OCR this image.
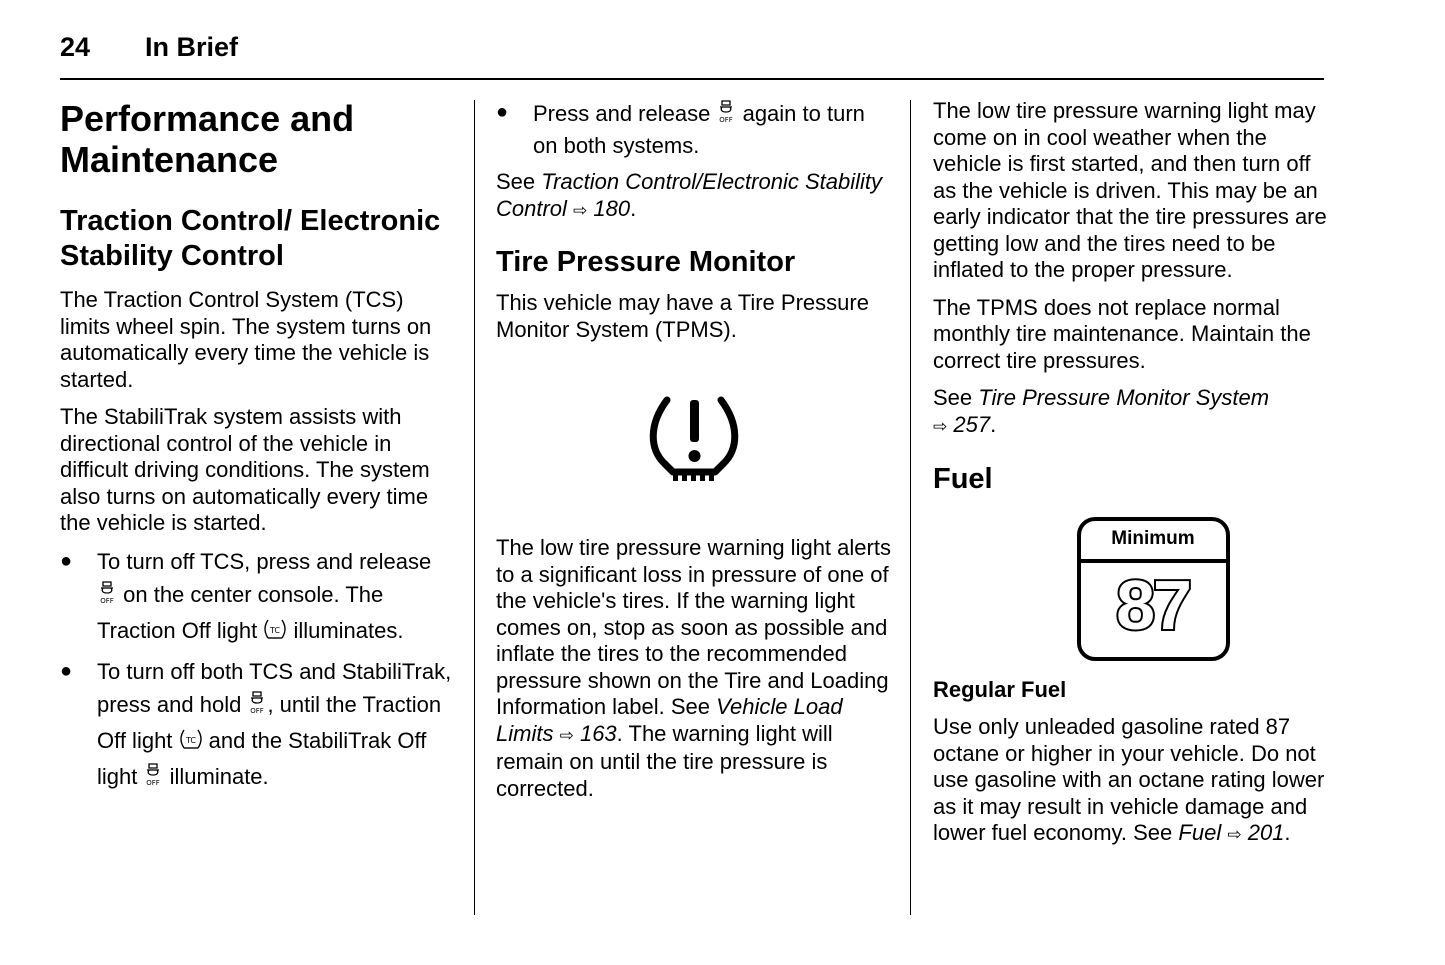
24 In Brief
Performance and Maintenance
Traction Control/ Electronic Stability Control

The Traction Control System (TCS) limits wheel spin. The system turns on automatically every time the vehicle is started.

The StabiliTrak system assists with directional control of the vehicle in difficult driving conditions. The system also turns on automatically every time the vehicle is started.

● To turn off TCS, press and release
OFF on the center console. The Traction Off light TC illuminates.
● To turn off both TCS and StabiliTrak, press and hold OFF , until the Traction Off light TC and the StabiliTrak Off light OFF illuminate.
● Press and release OFF again to turn on both systems.

See Traction Control/Electronic Stability Control ⇨ 180.

Tire Pressure Monitor

This vehicle may have a Tire Pressure Monitor System (TPMS).

The low tire pressure warning light alerts to a significant loss in pressure of one of the vehicle's tires. If the warning light comes on, stop as soon as possible and inflate the tires to the recommended pressure shown on the Tire and Loading Information label. See Vehicle Load Limits ⇨ 163. The warning light will remain on until the tire pressure is corrected.

The low tire pressure warning light may come on in cool weather when the vehicle is first started, and then turn off as the vehicle is driven. This may be an early indicator that the tire pressures are getting low and the tires need to be inflated to the proper pressure.

The TPMS does not replace normal monthly tire maintenance. Maintain the correct tire pressures.

See Tire Pressure Monitor System
⇨ 257.

Fuel
Minimum
87
Regular Fuel

Use only unleaded gasoline rated 87 octane or higher in your vehicle. Do not use gasoline with an octane rating lower as it may result in vehicle damage and lower fuel economy. See Fuel ⇨ 201.
